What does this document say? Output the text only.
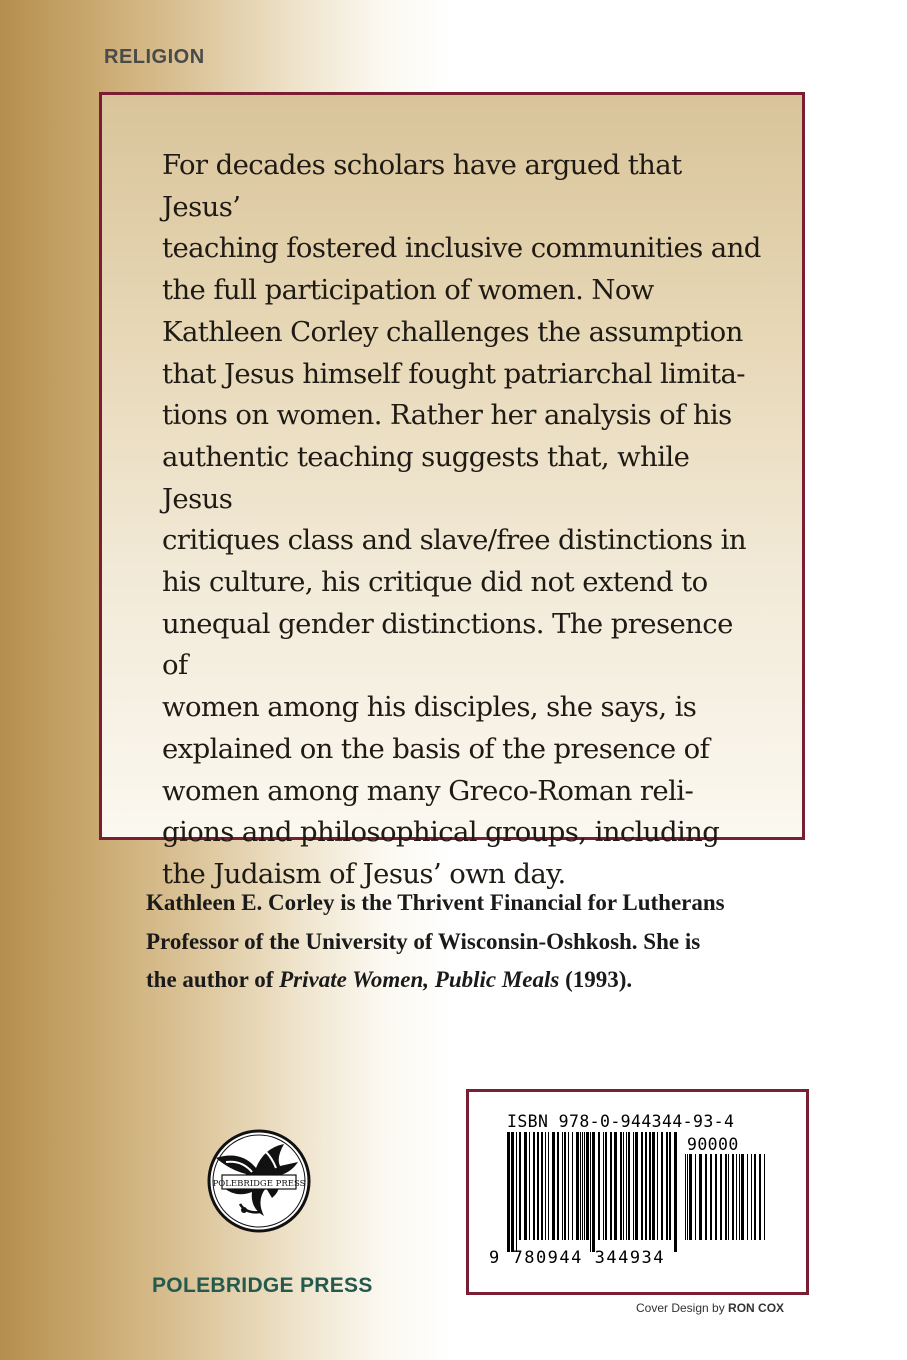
RELIGION

For decades scholars have argued that Jesus’
teaching fostered inclusive communities and
the full participation of women. Now
Kathleen Corley challenges the assumption
that Jesus himself fought patriarchal limita-
tions on women. Rather her analysis of his
authentic teaching suggests that, while Jesus
critiques class and slave/free distinctions in
his culture, his critique did not extend to
unequal gender distinctions. The presence of
women among his disciples, she says, is
explained on the basis of the presence of
women among many Greco-Roman reli-
gions and philosophical groups, including
the Judaism of Jesus’ own day.

Kathleen E. Corley is the Thrivent Financial for Lutherans
Professor of the University of Wisconsin-Oshkosh. She is
the author of Private Women, Public Meals (1993).

POLEBRIDGE PRESS
POLEBRIDGE PRESS
ISBN 978-0-944344-93-4
90000
9 780944 344934
Cover Design by RON COX
